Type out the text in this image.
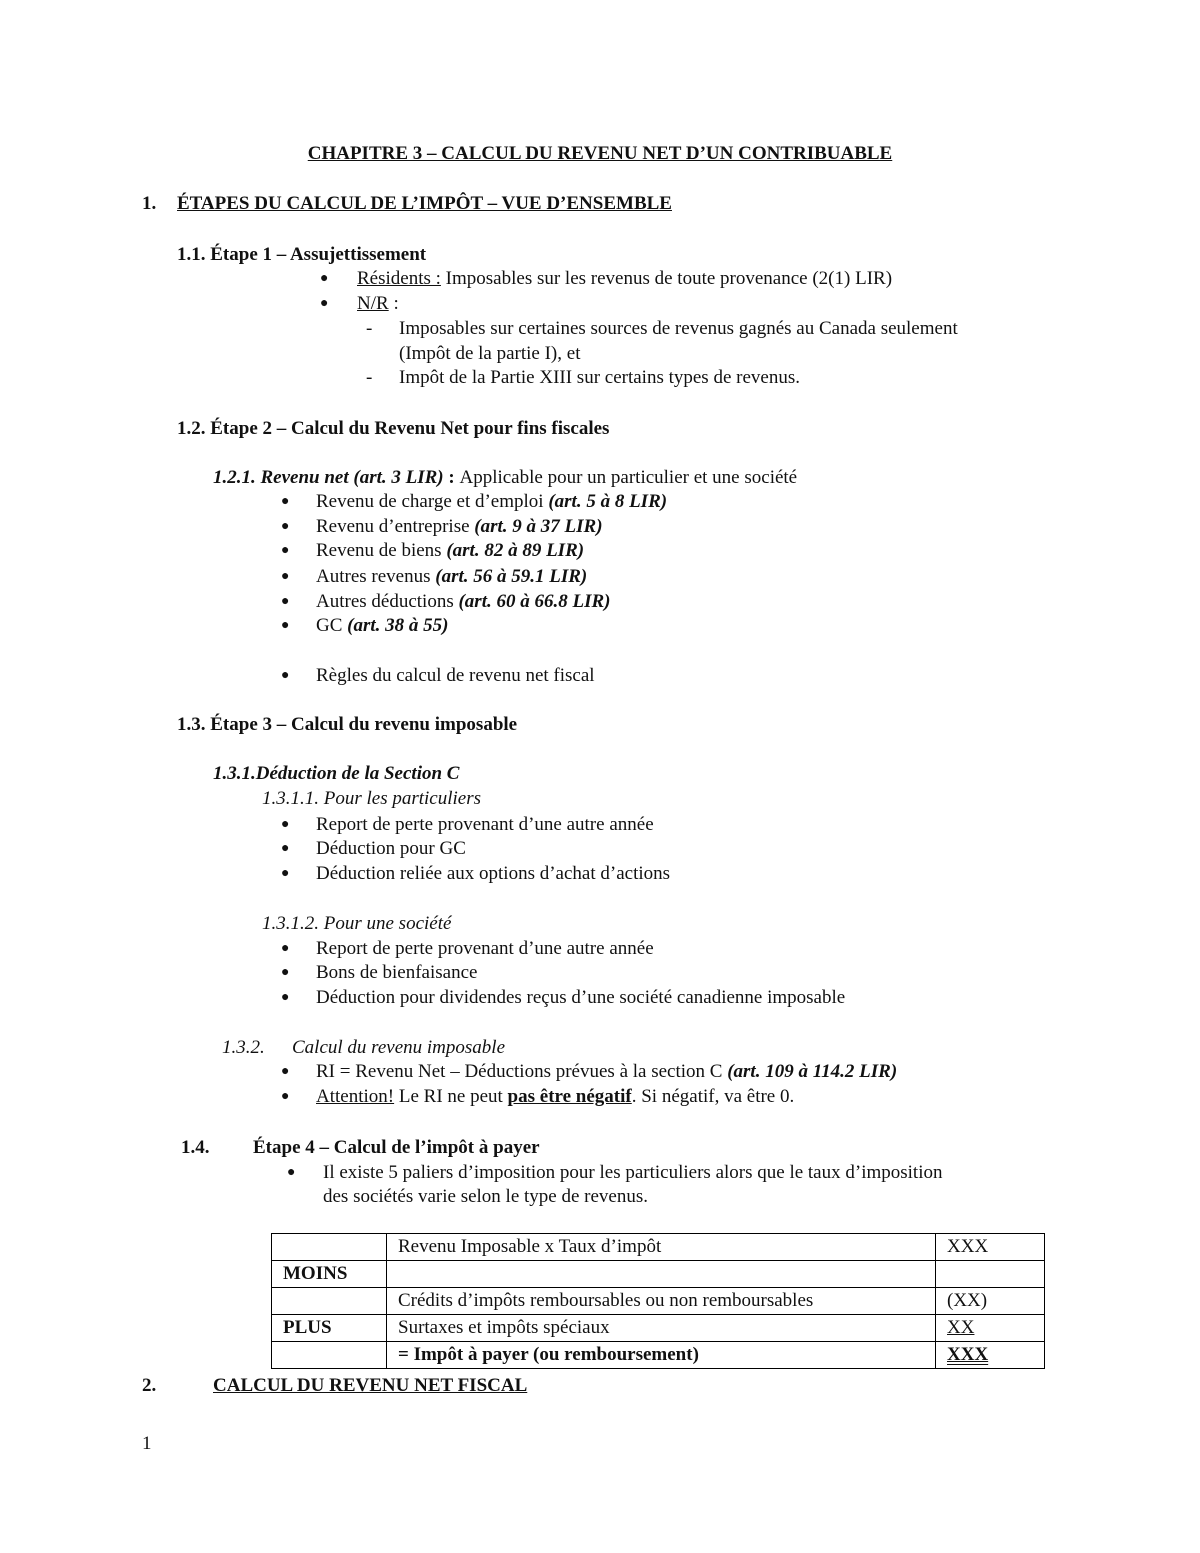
CHAPITRE 3 – CALCUL DU REVENU NET D’UN CONTRIBUABLE
1. ÉTAPES DU CALCUL DE L’IMPÔT – VUE D’ENSEMBLE
1.1. Étape 1 – Assujettissement
● Résidents : Imposables sur les revenus de toute provenance (2(1) LIR)
● N/R :
- Imposables sur certaines sources de revenus gagnés au Canada seulement
(Impôt de la partie I), et
- Impôt de la Partie XIII sur certains types de revenus.
1.2. Étape 2 – Calcul du Revenu Net pour fins fiscales
1.2.1. Revenu net (art. 3 LIR) : Applicable pour un particulier et une société
● Revenu de charge et d’emploi (art. 5 à 8 LIR)
● Revenu d’entreprise (art. 9 à 37 LIR)
● Revenu de biens (art. 82 à 89 LIR)
● Autres revenus (art. 56 à 59.1 LIR)
● Autres déductions (art. 60 à 66.8 LIR)
● GC (art. 38 à 55)
● Règles du calcul de revenu net fiscal
1.3. Étape 3 – Calcul du revenu imposable
1.3.1.Déduction de la Section C
1.3.1.1. Pour les particuliers
● Report de perte provenant d’une autre année
● Déduction pour GC
● Déduction reliée aux options d’achat d’actions
1.3.1.2. Pour une société
● Report de perte provenant d’une autre année
● Bons de bienfaisance
● Déduction pour dividendes reçus d’une société canadienne imposable
1.3.2. Calcul du revenu imposable
● RI = Revenu Net – Déductions prévues à la section C (art. 109 à 114.2 LIR)
● Attention! Le RI ne peut pas être négatif. Si négatif, va être 0.
1.4. Étape 4 – Calcul de l’impôt à payer
● Il existe 5 paliers d’imposition pour les particuliers alors que le taux d’imposition
des sociétés varie selon le type de revenus.
	Revenu Imposable x Taux d’impôt	XXX
MOINS		
	Crédits d’impôts remboursables ou non remboursables	(XX)
PLUS	Surtaxes et impôts spéciaux	XX
	= Impôt à payer (ou remboursement)	XXX
2.	CALCUL DU REVENU NET FISCAL
1
